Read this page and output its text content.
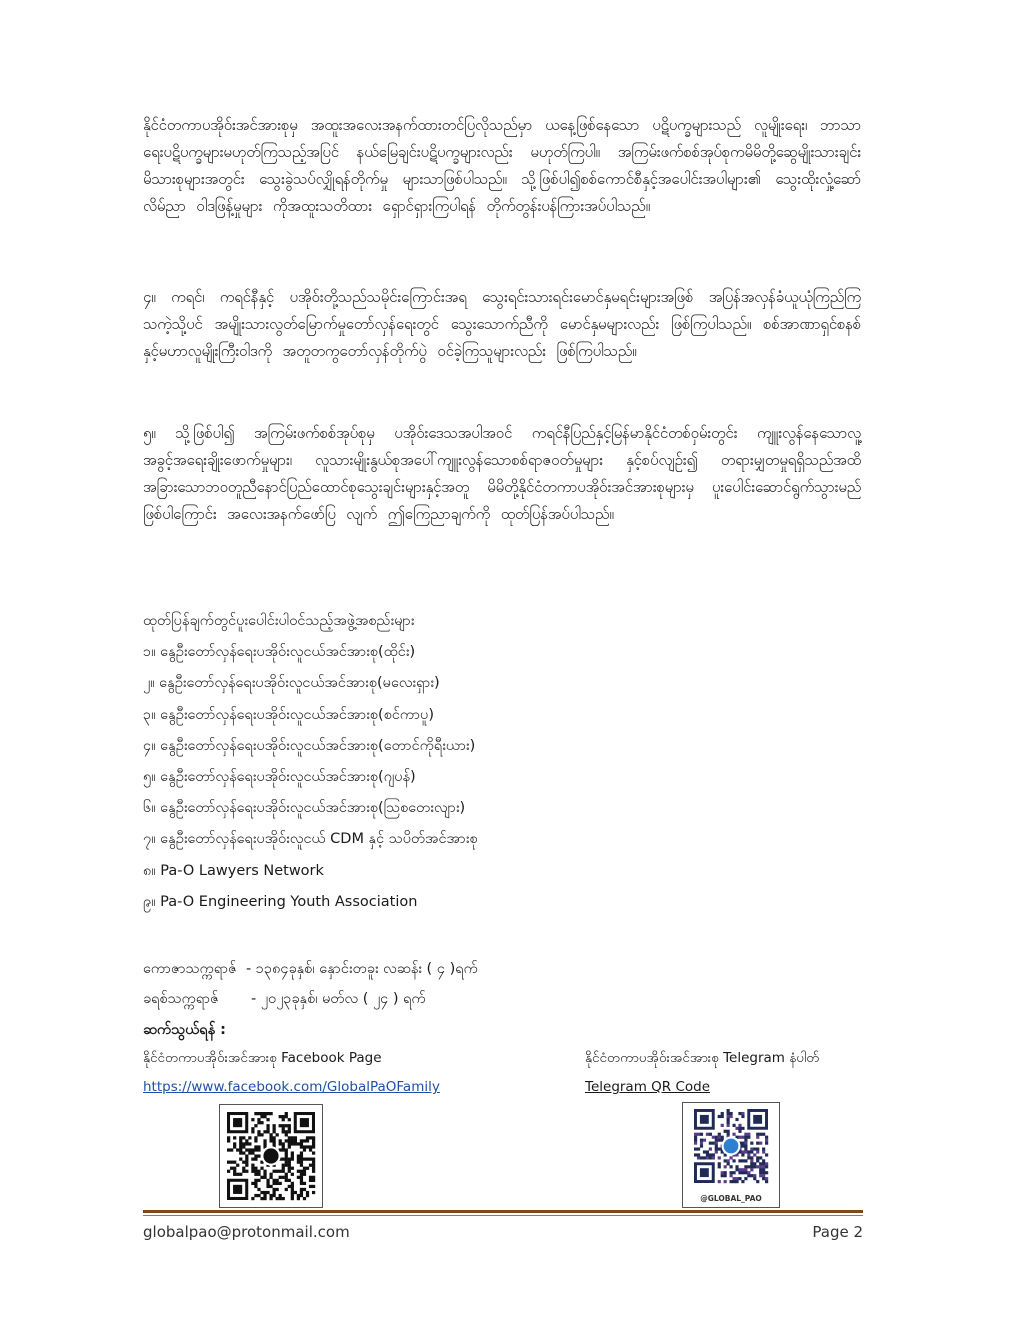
နိုင်ငံတကာပအိုဝ်းအင်အားစုမှ အထူးအလေးအနက်ထားတင်ပြလိုသည်မှာ ယနေ့ဖြစ်နေသော ပဋိပက္ခများသည် လူမျိုးရေး၊ ဘာသာရေးပဋိပက္ခများမဟုတ်ကြသည့်အပြင် နယ်မြေချင်းပဋိပက္ခများလည်း မဟုတ်ကြပါ။ အကြမ်းဖက်စစ်အုပ်စုကမိမိတို့ဆွေမျိုးသားချင်းမိသားစုများအတွင်း သွေးခွဲသပ်လျှိုရန်တိုက်မှု များသာဖြစ်ပါသည်။ သို့ဖြစ်ပါ၍စစ်ကောင်စီနှင့်အပေါင်းအပါများ၏ သွေးထိုးလှုံ့ဆော်လိမ်ညာ ဝါဒဖြန့်မှုများ ကိုအထူးသတိထား ရှောင်ရှားကြပါရန် တိုက်တွန်းပန်ကြားအပ်ပါသည်။
၄။ ကရင်၊ ကရင်နီနှင့် ပအိုဝ်းတို့သည်သမိုင်းကြောင်းအရ သွေးရင်းသားရင်းမောင်နှမရင်းများအဖြစ် အပြန်အလှန်ခံယူယုံကြည်ကြသကဲ့သို့ပင် အမျိုးသားလွတ်မြောက်မှုတော်လှန်ရေးတွင် သွေးသောက်ညီကို မောင်နှမများလည်း ဖြစ်ကြပါသည်။ စစ်အာဏာရှင်စနစ်နှင့်မဟာလူမျိုးကြီးဝါဒကို အတူတကွတော်လှန်တိုက်ပွဲ ဝင်ခဲ့ကြသူများလည်း ဖြစ်ကြပါသည်။
၅။ သို့ဖြစ်ပါ၍ အကြမ်းဖက်စစ်အုပ်စုမှ ပအိုဝ်းဒေသအပါအဝင် ကရင်နီပြည်နှင့်မြန်မာနိုင်ငံတစ်ဝှမ်းတွင်း ကျူးလွန်နေသောလူ့အခွင့်အရေးချိုးဖောက်မှုများ၊ လူသားမျိုးနွယ်စုအပေါ်ကျူးလွန်သောစစ်ရာဇဝတ်မှုများ နှင့်စပ်လျဉ်း၍ တရားမျှတမှုရရှိသည်အထိ အခြားသောဘဝတူညီနောင်ပြည်ထောင်စုသွေးချင်းများနှင့်အတူ မိမိတို့နိုင်ငံတကာပအိုဝ်းအင်အားစုများမှ ပူးပေါင်းဆောင်ရွက်သွားမည်ဖြစ်ပါကြောင်း အလေးအနက်ဖော်ပြ လျက် ဤကြေညာချက်ကို ထုတ်ပြန်အပ်ပါသည်။
ထုတ်ပြန်ချက်တွင်ပူးပေါင်းပါဝင်သည့်အဖွဲ့အစည်းများ
၁။ နွေဦးတော်လှန်ရေးပအိုဝ်းလူငယ်အင်အားစု(ထိုင်း)
၂။ နွေဦးတော်လှန်ရေးပအိုဝ်းလူငယ်အင်အားစု(မလေးရှား)
၃။ နွေဦးတော်လှန်ရေးပအိုဝ်းလူငယ်အင်အားစု(စင်ကာပူ)
၄။ နွေဦးတော်လှန်ရေးပအိုဝ်းလူငယ်အင်အားစု(တောင်ကိုရီးယား)
၅။ နွေဦးတော်လှန်ရေးပအိုဝ်းလူငယ်အင်အားစု(ဂျပန်)
၆။ နွေဦးတော်လှန်ရေးပအိုဝ်းလူငယ်အင်အားစု(ဩစတေးလျား)
၇။ နွေဦးတော်လှန်ရေးပအိုဝ်းလူငယ် CDM နှင့် သပိတ်အင်အားစု
၈။ Pa-O Lawyers Network
၉။ Pa-O Engineering Youth Association
ကောဇာသက္ကရာဇ်  - ၁၃၈၄ခုနှစ်၊ နှောင်းတခူး လဆန်း ( ၄ )ရက်
ခရစ်သက္ကရာဇ်       - ၂၀၂၃ခုနှစ်၊ မတ်လ ( ၂၄ ) ရက်
ဆက်သွယ်ရန် :
နိုင်ငံတကာပအိုဝ်းအင်အားစု Facebook Page
https://www.facebook.com/GlobalPaOFamily
နိုင်ငံတကာပအိုဝ်းအင်အားစု Telegram နံပါတ်
Telegram QR Code
@GLOBAL_PAO
globalpao@protonmail.com	Page 2
